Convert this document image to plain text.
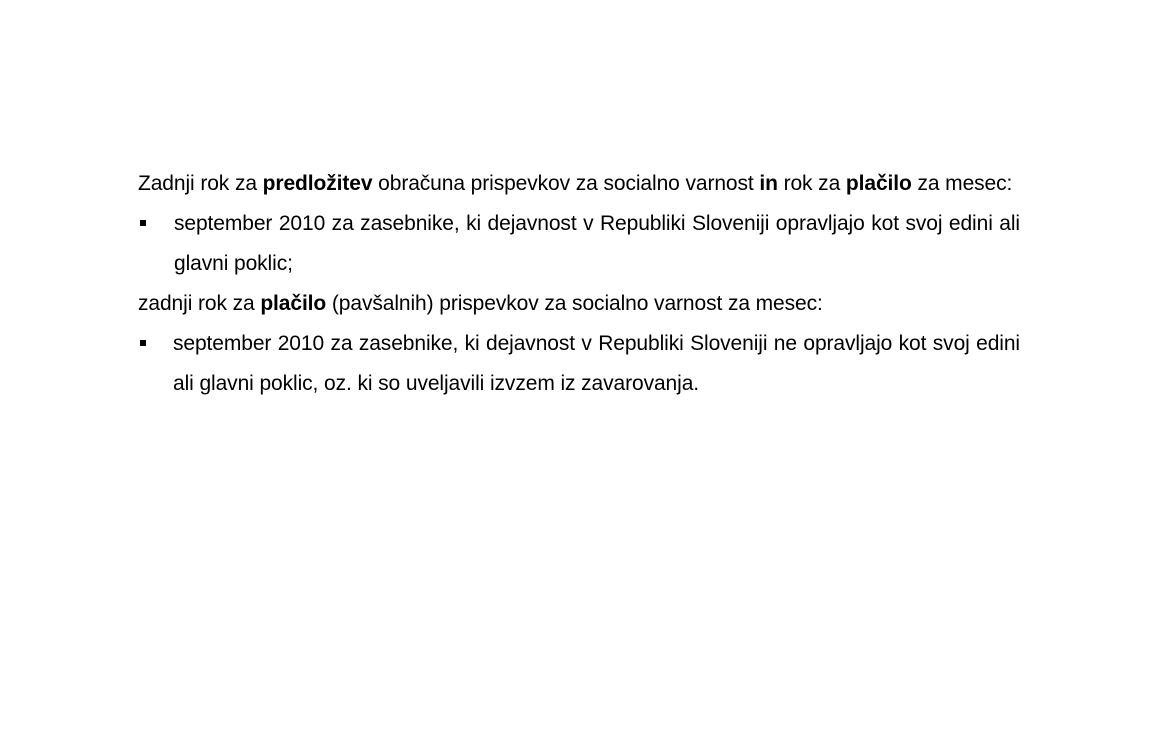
Zadnji rok za predložitev obračuna prispevkov za socialno varnost in rok za plačilo za mesec:

september 2010 za zasebnike, ki dejavnost v Republiki Sloveniji opravljajo kot svoj edini ali glavni poklic;

zadnji rok za plačilo (pavšalnih) prispevkov za socialno varnost za mesec:

september 2010 za zasebnike, ki dejavnost v Republiki Sloveniji ne opravljajo kot svoj edini ali glavni poklic, oz. ki so uveljavili izvzem iz zavarovanja.
